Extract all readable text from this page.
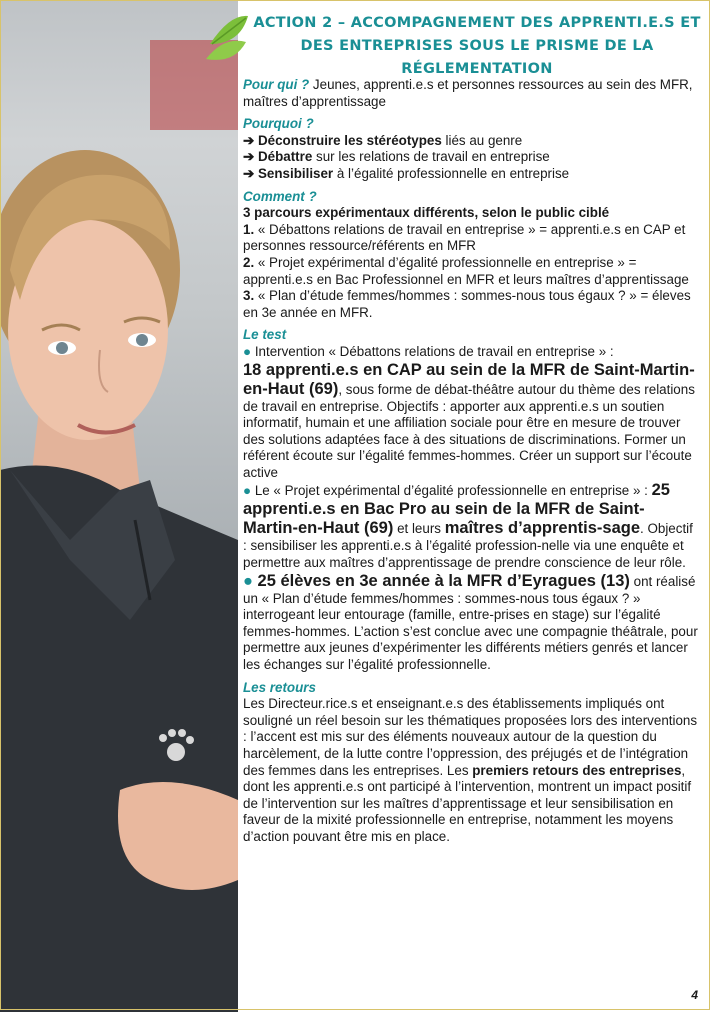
ACTION 2 – ACCOMPAGNEMENT DES APPRENTI.E.S ET
DES ENTREPRISES SOUS LE PRISME DE LA RÉGLEMENTATION

Pour qui ? Jeunes, apprenti.e.s et personnes ressources au sein des MFR, maîtres d’apprentissage

Pourquoi ?

➔ Déconstruire les stéréotypes liés au genre

➔ Débattre sur les relations de travail en entreprise

➔ Sensibiliser à l’égalité professionnelle en entreprise

Comment ?

3 parcours expérimentaux différents, selon le public ciblé

1. « Débattons relations de travail en entreprise » = apprenti.e.s en CAP et personnes ressource/référents en MFR

2. « Projet expérimental d’égalité professionnelle en entreprise » = apprenti.e.s en Bac Professionnel en MFR et leurs maîtres d’apprentissage

3. « Plan d’étude femmes/hommes : sommes-nous tous égaux ? » = éleves en 3e année en MFR.

Le test

● Intervention « Débattons relations de travail en entreprise » :
18 apprenti.e.s en CAP au sein de la MFR de Saint-Martin-en-Haut (69), sous forme de débat-théâtre autour du thème des relations de travail en entreprise. Objectifs : apporter aux apprenti.e.s un soutien informatif, humain et une affiliation sociale pour être en mesure de trouver des solutions adaptées face à des situations de discriminations. Former un référent écoute sur l’égalité femmes-hommes. Créer un support sur l’écoute active

● Le « Projet expérimental d’égalité professionnelle en entreprise » : 25 apprenti.e.s en Bac Pro au sein de la MFR de Saint-Martin-en-Haut (69) et leurs maîtres d’apprentis-sage. Objectif : sensibiliser les apprenti.e.s à l’égalité profession-nelle via une enquête et permettre aux maîtres d’apprentissage de prendre conscience de leur rôle.

● 25 élèves en 3e année à la MFR d’Eyragues (13) ont réalisé un « Plan d’étude femmes/hommes : sommes-nous tous égaux ? » interrogeant leur entourage (famille, entre-prises en stage) sur l’égalité femmes-hommes. L’action s’est conclue avec une compagnie théâtrale, pour permettre aux jeunes d’expérimenter les différents métiers genrés et lancer les échanges sur l’égalité professionnelle.

Les retours

Les Directeur.rice.s et enseignant.e.s des établissements impliqués ont souligné un réel besoin sur les thématiques proposées lors des interventions : l’accent est mis sur des éléments nouveaux autour de la question du harcèlement, de la lutte contre l’oppression, des préjugés et de l’intégration des femmes dans les entreprises. Les premiers retours des entreprises, dont les apprenti.e.s ont participé à l’intervention, montrent un impact positif de l’intervention sur les maîtres d’apprentissage et leur sensibilisation en faveur de la mixité professionnelle en entreprise, notamment les moyens d’action pouvant être mis en place.

4
